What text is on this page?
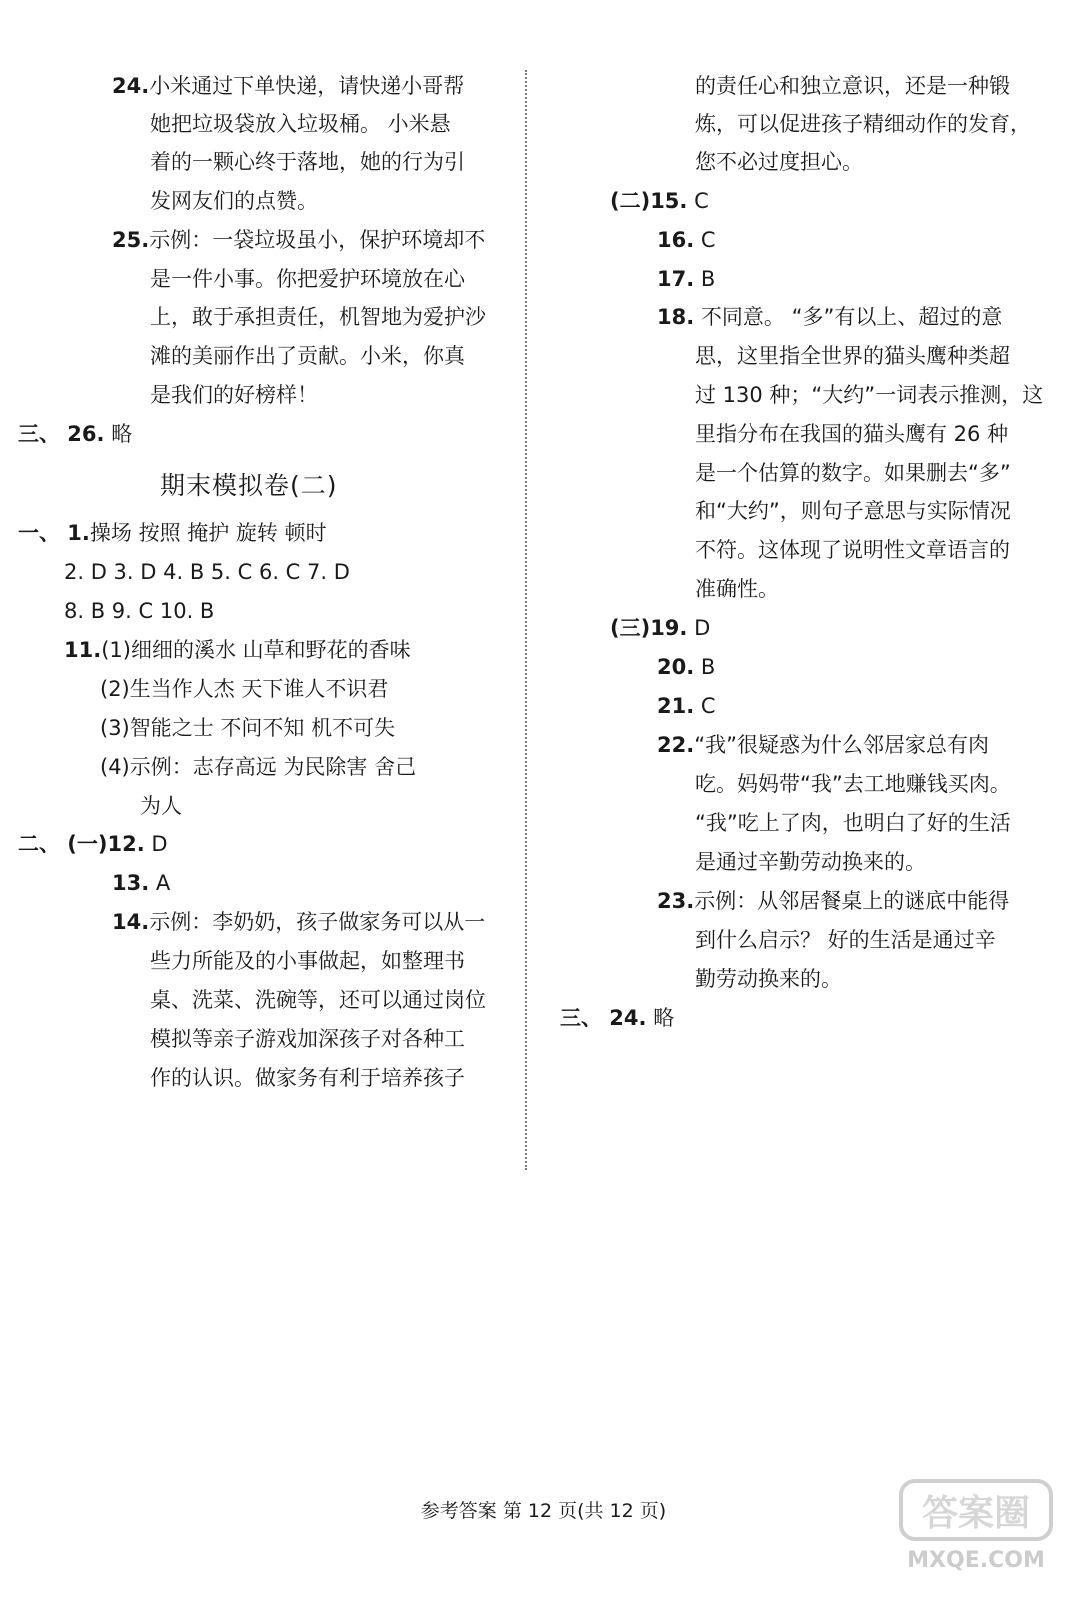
24.小米通过下单快递，请快递小哥帮
她把垃圾袋放入垃圾桶。 小米悬
着的一颗心终于落地，她的行为引
发网友们的点赞。
25.示例：一袋垃圾虽小，保护环境却不
是一件小事。你把爱护环境放在心
上，敢于承担责任，机智地为爱护沙
滩的美丽作出了贡献。小米，你真
是我们的好榜样！
三、 26. 略
期末模拟卷(二)
一、 1.操场 按照 掩护 旋转 顿时
2. D 3. D 4. B 5. C 6. C 7. D
8. B 9. C 10. B
11.(1)细细的溪水 山草和野花的香味
(2)生当作人杰 天下谁人不识君
(3)智能之士 不问不知 机不可失
(4)示例：志存高远 为民除害 舍己
为人
二、 (一)12. D
13. A
14.示例：李奶奶，孩子做家务可以从一
些力所能及的小事做起，如整理书
桌、洗菜、洗碗等，还可以通过岗位
模拟等亲子游戏加深孩子对各种工
作的认识。做家务有利于培养孩子
的责任心和独立意识，还是一种锻
炼，可以促进孩子精细动作的发育，
您不必过度担心。
(二)15. C
16. C
17. B
18. 不同意。 “多”有以上、超过的意
思，这里指全世界的猫头鹰种类超
过 130 种；“大约”一词表示推测，这
里指分布在我国的猫头鹰有 26 种
是一个估算的数字。如果删去“多”
和“大约”，则句子意思与实际情况
不符。这体现了说明性文章语言的
准确性。
(三)19. D
20. B
21. C
22.“我”很疑惑为什么邻居家总有肉
吃。妈妈带“我”去工地赚钱买肉。
“我”吃上了肉，也明白了好的生活
是通过辛勤劳动换来的。
23.示例：从邻居餐桌上的谜底中能得
到什么启示？ 好的生活是通过辛
勤劳动换来的。
三、 24. 略
参考答案 第 12 页(共 12 页)	答案圈
MXQE.COM
